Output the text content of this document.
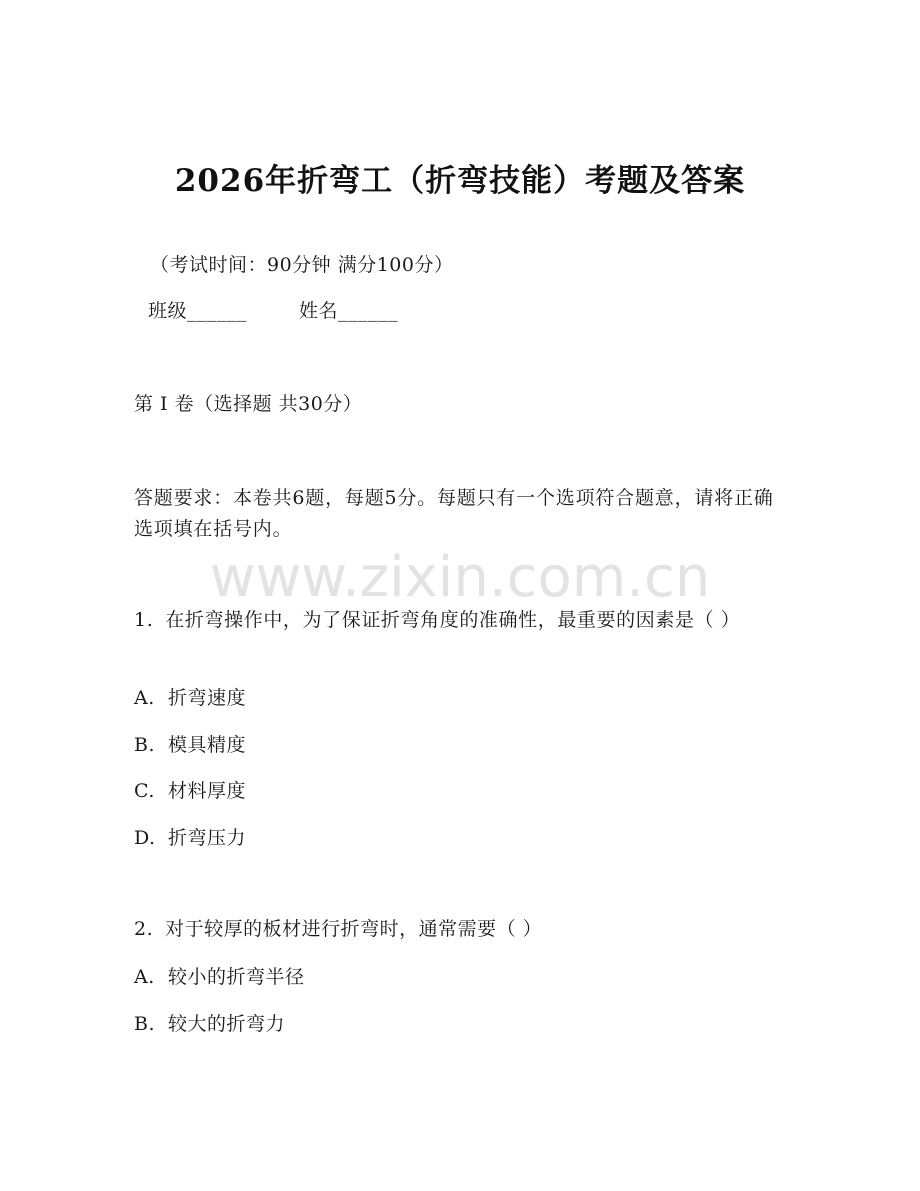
www.zixin.com.cn
2026年折弯工（折弯技能）考题及答案
（考试时间：90分钟 满分100分）
班级______	姓名______
第 I 卷（选择题 共30分）
答题要求：本卷共6题，每题5分。每题只有一个选项符合题意，请将正确选项填在括号内。
1. 在折弯操作中，为了保证折弯角度的准确性，最重要的因素是（ ）
A. 折弯速度
B. 模具精度
C. 材料厚度
D. 折弯压力
2. 对于较厚的板材进行折弯时，通常需要（ ）
A. 较小的折弯半径
B. 较大的折弯力
